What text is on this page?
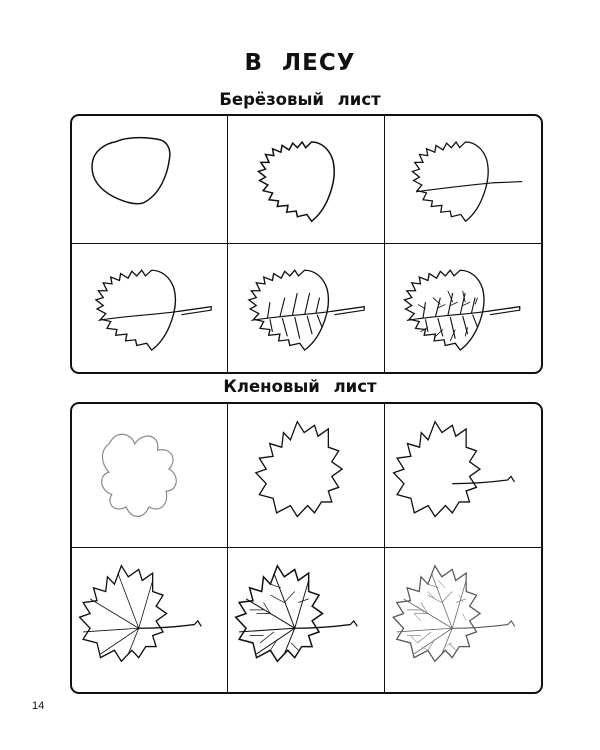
В ЛЕСУ
Берёзовый лист
Кленовый лист
14
